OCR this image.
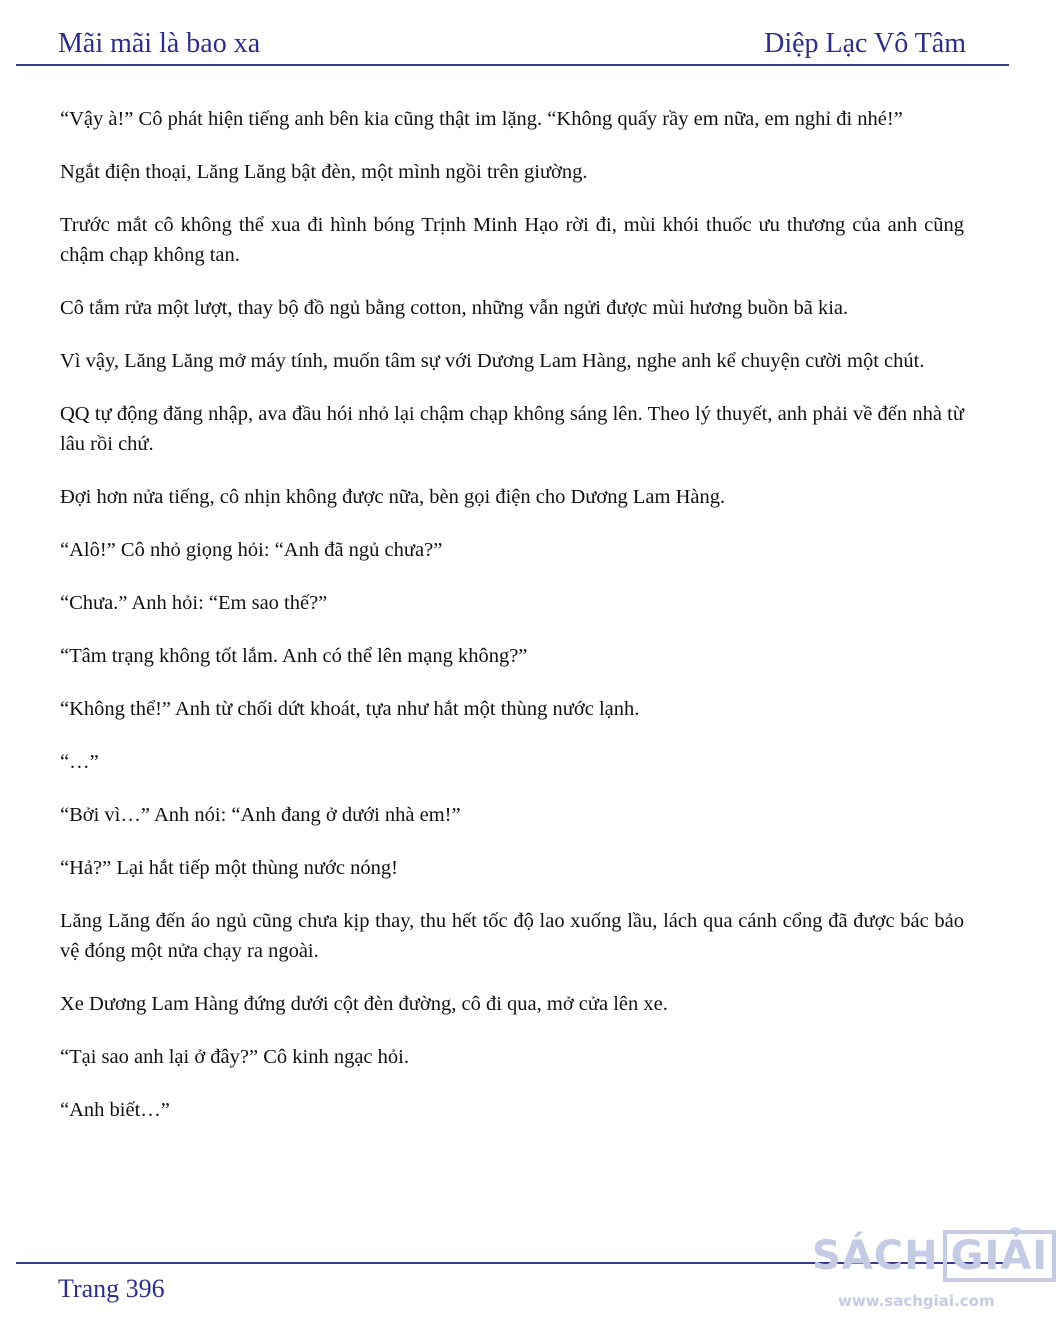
Mãi mãi là bao xa	Diệp Lạc Vô Tâm

“Vậy à!” Cô phát hiện tiếng anh bên kia cũng thật im lặng. “Không quấy rầy em nữa, em nghỉ đi nhé!”

Ngắt điện thoại, Lăng Lăng bật đèn, một mình ngồi trên giường.

Trước mắt cô không thể xua đi hình bóng Trịnh Minh Hạo rời đi, mùi khói thuốc ưu thương của anh cũng chậm chạp không tan.

Cô tắm rửa một lượt, thay bộ đồ ngủ bằng cotton, những vẫn ngửi được mùi hương buồn bã kia.

Vì vậy, Lăng Lăng mở máy tính, muốn tâm sự với Dương Lam Hàng, nghe anh kể chuyện cười một chút.

QQ tự động đăng nhập, ava đầu hói nhỏ lại chậm chạp không sáng lên. Theo lý thuyết, anh phải về đến nhà từ lâu rồi chứ.

Đợi hơn nửa tiếng, cô nhịn không được nữa, bèn gọi điện cho Dương Lam Hàng.

“Alô!” Cô nhỏ giọng hỏi: “Anh đã ngủ chưa?”

“Chưa.” Anh hỏi: “Em sao thế?”

“Tâm trạng không tốt lắm. Anh có thể lên mạng không?”

“Không thể!” Anh từ chối dứt khoát, tựa như hắt một thùng nước lạnh.

“…”

“Bởi vì…” Anh nói: “Anh đang ở dưới nhà em!”

“Hả?” Lại hắt tiếp một thùng nước nóng!

Lăng Lăng đến áo ngủ cũng chưa kịp thay, thu hết tốc độ lao xuống lầu, lách qua cánh cổng đã được bác bảo vệ đóng một nửa chạy ra ngoài.

Xe Dương Lam Hàng đứng dưới cột đèn đường, cô đi qua, mở cửa lên xe.

“Tại sao anh lại ở đây?” Cô kinh ngạc hỏi.

“Anh biết…”

Trang 396
SÁCH GIẢI
www.sachgiai.com
